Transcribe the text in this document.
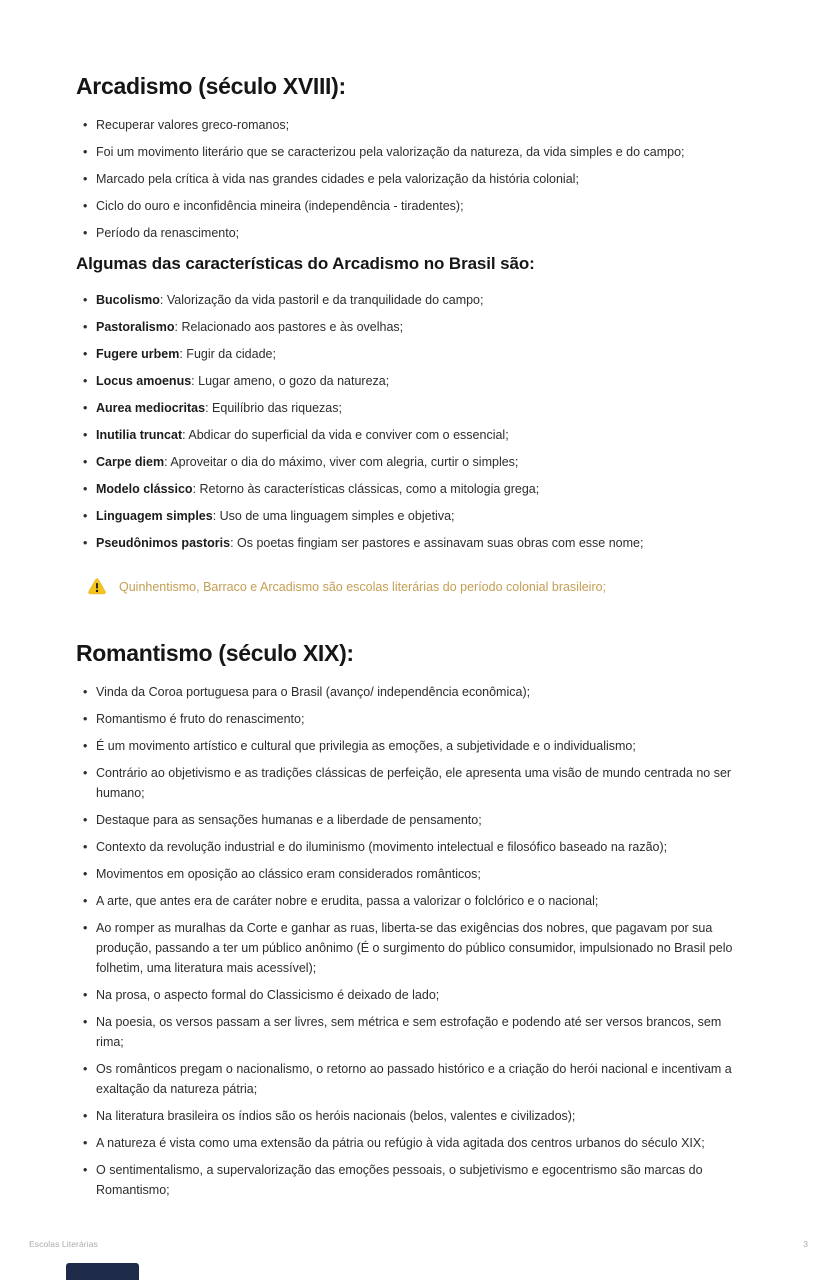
Arcadismo (século XVIII):
• Recuperar valores greco-romanos;
• Foi um movimento literário que se caracterizou pela valorização da natureza, da vida simples e do campo;
• Marcado pela crítica à vida nas grandes cidades e pela valorização da história colonial;
• Ciclo do ouro e inconfidência mineira (independência - tiradentes);
• Período da renascimento;
Algumas das características do Arcadismo no Brasil são:
• Bucolismo: Valorização da vida pastoril e da tranquilidade do campo;
• Pastoralismo: Relacionado aos pastores e às ovelhas;
• Fugere urbem: Fugir da cidade;
• Locus amoenus: Lugar ameno, o gozo da natureza;
• Aurea mediocritas: Equilíbrio das riquezas;
• Inutilia truncat: Abdicar do superficial da vida e conviver com o essencial;
• Carpe diem: Aproveitar o dia do máximo, viver com alegria, curtir o simples;
• Modelo clássico: Retorno às características clássicas, como a mitologia grega;
• Linguagem simples: Uso de uma linguagem simples e objetiva;
• Pseudônimos pastoris: Os poetas fingiam ser pastores e assinavam suas obras com esse nome;
Quinhentismo, Barraco e Arcadismo são escolas literárias do período colonial brasileiro;
Romantismo (século XIX):
• Vinda da Coroa portuguesa para o Brasil (avanço/ independência econômica);
• Romantismo é fruto do renascimento;
• É um movimento artístico e cultural que privilegia as emoções, a subjetividade e o individualismo;
• Contrário ao objetivismo e as tradições clássicas de perfeição, ele apresenta uma visão de mundo centrada no ser humano;
• Destaque para as sensações humanas e a liberdade de pensamento;
• Contexto da revolução industrial e do iluminismo (movimento intelectual e filosófico baseado na razão);
• Movimentos em oposição ao clássico eram considerados românticos;
• A arte, que antes era de caráter nobre e erudita, passa a valorizar o folclórico e o nacional;
• Ao romper as muralhas da Corte e ganhar as ruas, liberta-se das exigências dos nobres, que pagavam por sua produção, passando a ter um público anônimo (É o surgimento do público consumidor, impulsionado no Brasil pelo folhetim, uma literatura mais acessível);
• Na prosa, o aspecto formal do Classicismo é deixado de lado;
• Na poesia, os versos passam a ser livres, sem métrica e sem estrofação e podendo até ser versos brancos, sem rima;
• Os românticos pregam o nacionalismo, o retorno ao passado histórico e a criação do herói nacional e incentivam a exaltação da natureza pátria;
• Na literatura brasileira os índios são os heróis nacionais (belos, valentes e civilizados);
• A natureza é vista como uma extensão da pátria ou refúgio à vida agitada dos centros urbanos do século XIX;
• O sentimentalismo, a supervalorização das emoções pessoais, o subjetivismo e egocentrismo são marcas do Romantismo;
Escolas Literárias	3
